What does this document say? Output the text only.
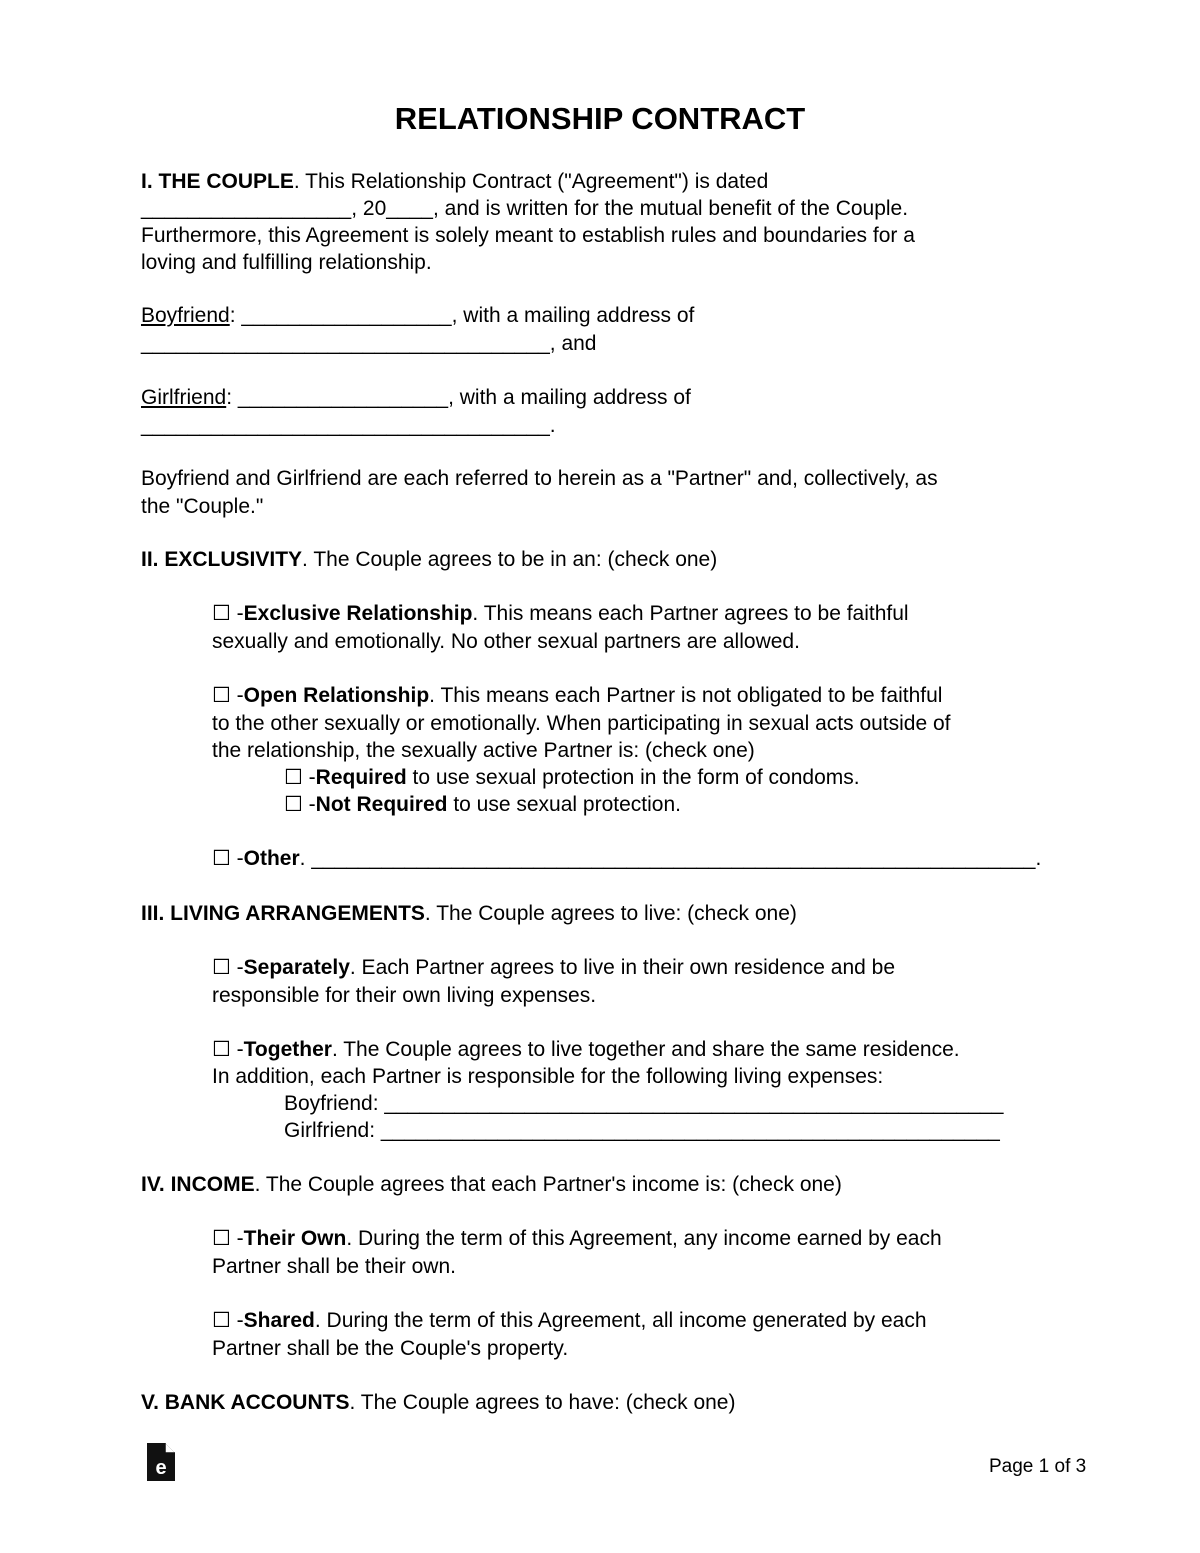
RELATIONSHIP CONTRACT
I. THE COUPLE. This Relationship Contract ("Agreement") is dated
__________________, 20____, and is written for the mutual benefit of the Couple.
Furthermore, this Agreement is solely meant to establish rules and boundaries for a
loving and fulfilling relationship.
Boyfriend: __________________, with a mailing address of
___________________________________, and
Girlfriend: __________________, with a mailing address of
___________________________________.
Boyfriend and Girlfriend are each referred to herein as a "Partner" and, collectively, as
the "Couple."
II. EXCLUSIVITY. The Couple agrees to be in an: (check one)
☐ -Exclusive Relationship. This means each Partner agrees to be faithful
sexually and emotionally. No other sexual partners are allowed.
☐ -Open Relationship. This means each Partner is not obligated to be faithful
to the other sexually or emotionally. When participating in sexual acts outside of
the relationship, the sexually active Partner is: (check one)
☐ -Required to use sexual protection in the form of condoms.
☐ -Not Required to use sexual protection.
☐ -Other. ______________________________________________________________.
III. LIVING ARRANGEMENTS. The Couple agrees to live: (check one)
☐ -Separately. Each Partner agrees to live in their own residence and be
responsible for their own living expenses.
☐ -Together. The Couple agrees to live together and share the same residence.
In addition, each Partner is responsible for the following living expenses:
Boyfriend: _____________________________________________________
Girlfriend: _____________________________________________________
IV. INCOME. The Couple agrees that each Partner's income is: (check one)
☐ -Their Own. During the term of this Agreement, any income earned by each
Partner shall be their own.
☐ -Shared. During the term of this Agreement, all income generated by each
Partner shall be the Couple's property.
V. BANK ACCOUNTS. The Couple agrees to have: (check one)
e	Page 1 of 3
